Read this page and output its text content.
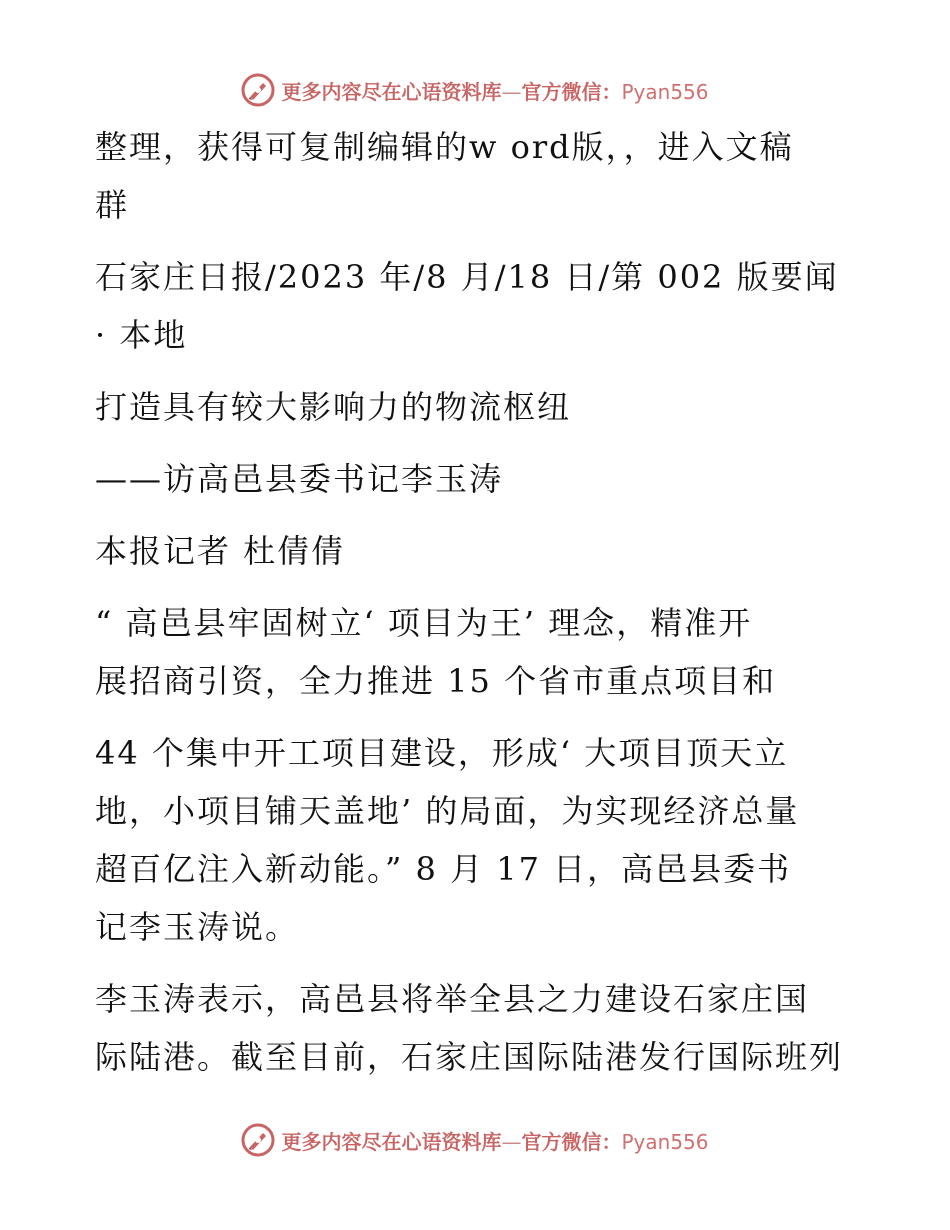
更多内容尽在心语资料库—官方微信：Pyan556

整理，获得可复制编辑的w ord版，，进入文稿

群

石家庄日报/2023 年/8 月/18 日/第 002 版要闻

· 本地

打造具有较大影响力的物流枢纽

——访高邑县委书记李玉涛

本报记者 杜倩倩

“ 高邑县牢固树立‘ 项目为王’ 理念，精准开

展招商引资，全力推进 15 个省市重点项目和

44 个集中开工项目建设，形成‘ 大项目顶天立

地，小项目铺天盖地’ 的局面，为实现经济总量

超百亿注入新动能。” 8 月 17 日，高邑县委书

记李玉涛说。

李玉涛表示，高邑县将举全县之力建设石家庄国

际陆港。截至目前，石家庄国际陆港发行国际班列

更多内容尽在心语资料库—官方微信：Pyan556
